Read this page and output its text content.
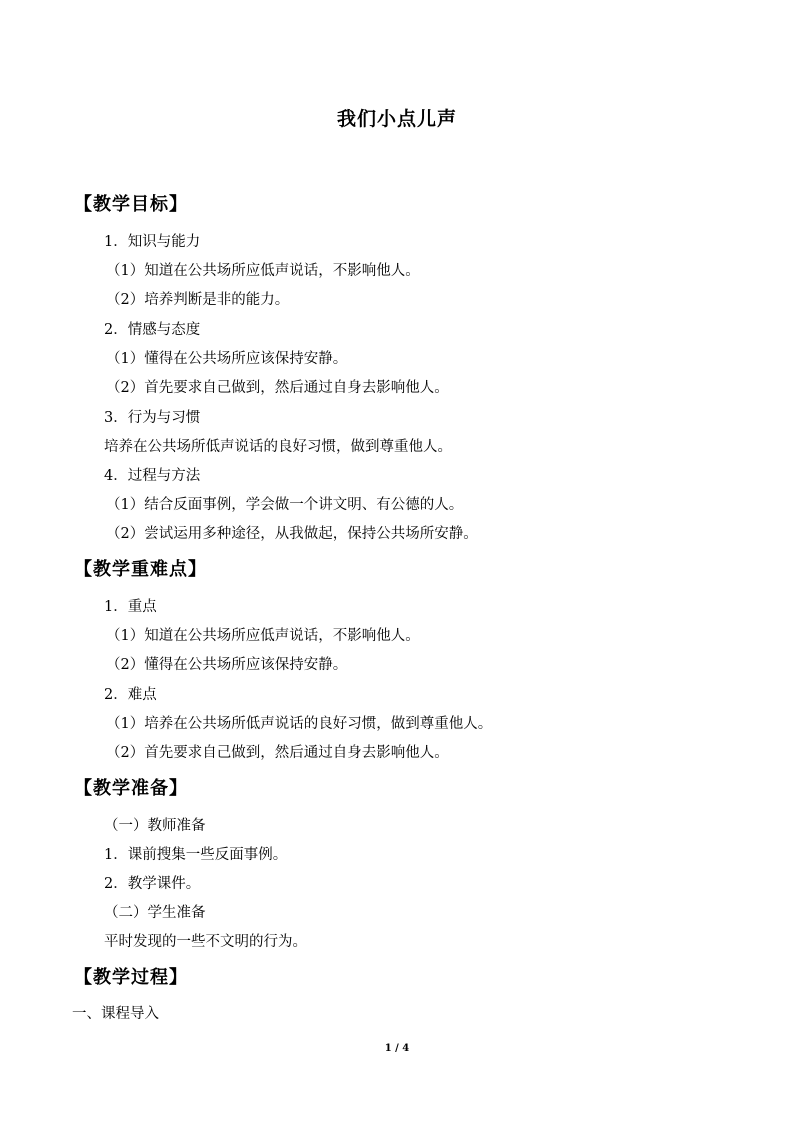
我们小点儿声
【教学目标】
1．知识与能力
（1）知道在公共场所应低声说话，不影响他人。
（2）培养判断是非的能力。
2．情感与态度
（1）懂得在公共场所应该保持安静。
（2）首先要求自己做到，然后通过自身去影响他人。
3．行为与习惯
培养在公共场所低声说话的良好习惯，做到尊重他人。
4．过程与方法
（1）结合反面事例，学会做一个讲文明、有公德的人。
（2）尝试运用多种途径，从我做起，保持公共场所安静。
【教学重难点】
1．重点
（1）知道在公共场所应低声说话，不影响他人。
（2）懂得在公共场所应该保持安静。
2．难点
（1）培养在公共场所低声说话的良好习惯，做到尊重他人。
（2）首先要求自己做到，然后通过自身去影响他人。
【教学准备】
（一）教师准备
1．课前搜集一些反面事例。
2．教学课件。
（二）学生准备
平时发现的一些不文明的行为。
【教学过程】
一、课程导入
1 / 4
